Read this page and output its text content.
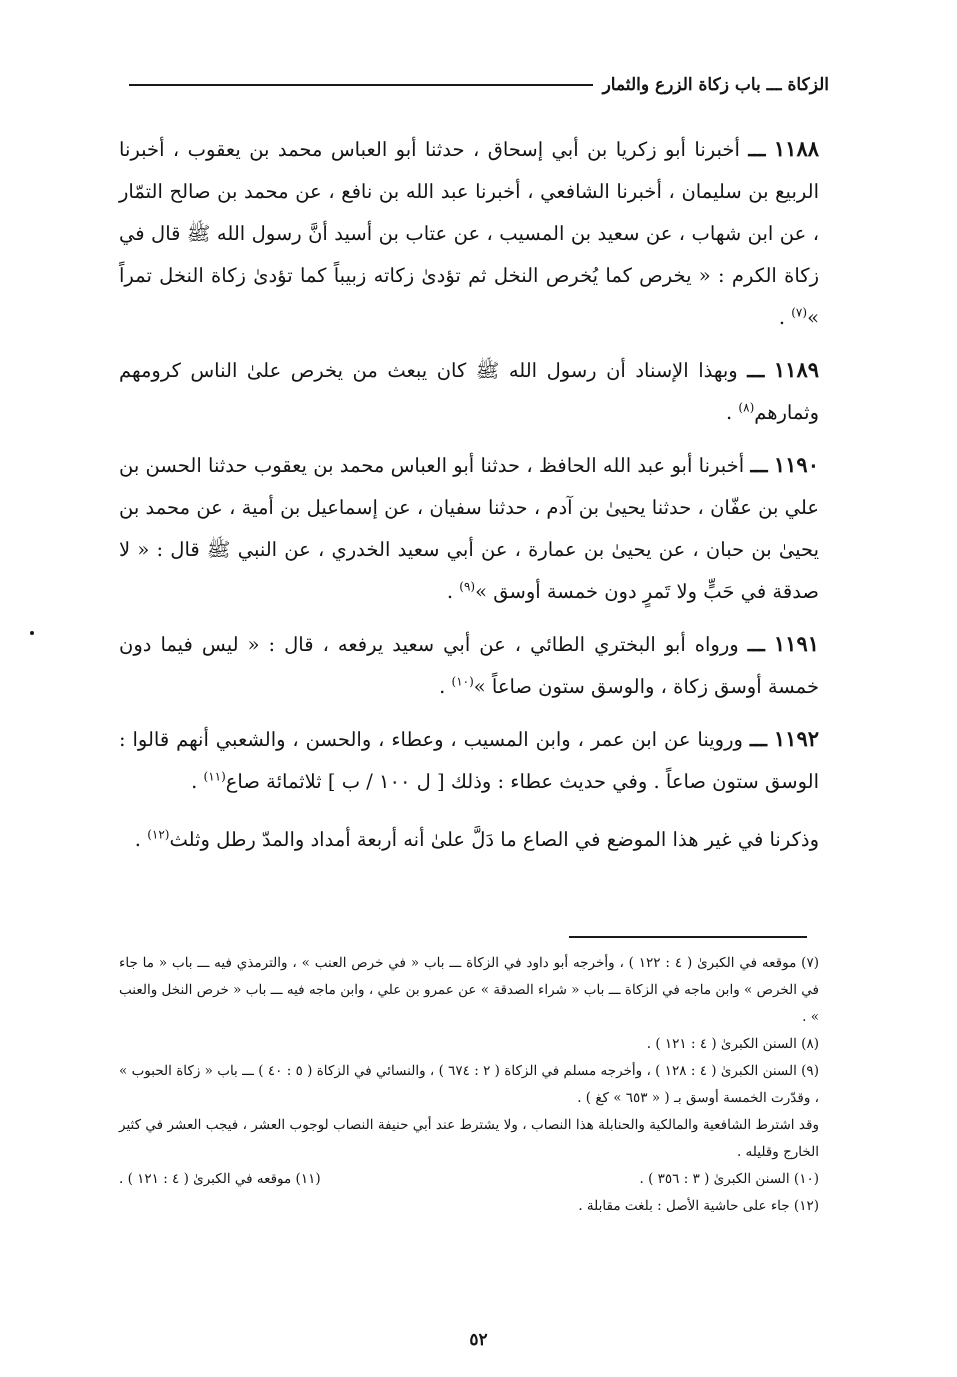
الزكاة ـــ باب زكاة الزرع والثمار

١١٨٨ ـــ أخبرنا أبو زكريا بن أبي إسحاق ، حدثنا أبو العباس محمد بن يعقوب ، أخبرنا الربيع بن سليمان ، أخبرنا الشافعي ، أخبرنا عبد الله بن نافع ، عن محمد بن صالح التمّار ، عن ابن شهاب ، عن سعيد بن المسيب ، عن عتاب بن أسيد أنَّ رسول الله ﷺ قال في زكاة الكرم : « يخرص كما يُخرص النخل ثم تؤدىٰ زكاته زبيباً كما تؤدىٰ زكاة النخل تمراً »$^{(٧)}$ .

١١٨٩ ـــ وبهذا الإسناد أن رسول الله ﷺ كان يبعث من يخرص علىٰ الناس كرومهم وثمارهم$^{(٨)}$ .

١١٩٠ ـــ أخبرنا أبو عبد الله الحافظ ، حدثنا أبو العباس محمد بن يعقوب حدثنا الحسن بن علي بن عفّان ، حدثنا يحيىٰ بن آدم ، حدثنا سفيان ، عن إسماعيل بن أمية ، عن محمد بن يحيىٰ بن حبان ، عن يحيىٰ بن عمارة ، عن أبي سعيد الخدري ، عن النبي ﷺ قال : « لا صدقة في حَبٍّ ولا تَمرٍ دون خمسة أوسق »$^{(٩)}$ .

١١٩١ ـــ ورواه أبو البختري الطائي ، عن أبي سعيد يرفعه ، قال : « ليس فيما دون خمسة أوسق زكاة ، والوسق ستون صاعاً »$^{(١٠)}$ .

١١٩٢ ـــ وروينا عن ابن عمر ، وابن المسيب ، وعطاء ، والحسن ، والشعبي أنهم قالوا : الوسق ستون صاعاً . وفي حديث عطاء : وذلك [ ل ١٠٠ / ب ] ثلاثمائة صاع$^{(١١)}$ .

وذكرنا في غير هذا الموضع في الصاع ما دَلَّ علىٰ أنه أربعة أمداد والمدّ رطل وثلث$^{(١٢)}$ .

(٧) موقعه في الكبرىٰ ( ٤ : ١٢٢ ) ، وأخرجه أبو داود في الزكاة ـــ باب « في خرص العنب » ، والترمذي فيه ـــ باب « ما جاء في الخرص » وابن ماجه في الزكاة ـــ باب « شراء الصدقة » عن عمرو بن علي ، وابن ماجه فيه ـــ باب « خرص النخل والعنب » .

(٨) السنن الكبرىٰ ( ٤ : ١٢١ ) .

(٩) السنن الكبرىٰ ( ٤ : ١٢٨ ) ، وأخرجه مسلم في الزكاة ( ٢ : ٦٧٤ ) ، والنسائي في الزكاة ( ٥ : ٤٠ ) ـــ باب « زكاة الحبوب » ، وقدّرت الخمسة أوسق بـ ( « ٦٥٣ » كغ ) .

وقد اشترط الشافعية والمالكية والحنابلة هذا النصاب ، ولا يشترط عند أبي حنيفة النصاب لوجوب العشر ، فيجب العشر في كثير الخارج وقليله .

(١٠) السنن الكبرىٰ ( ٣ : ٣٥٦ ) .

(١١) موقعه في الكبرىٰ ( ٤ : ١٢١ ) .

(١٢) جاء على حاشية الأصل : بلغت مقابلة .

٥٢
